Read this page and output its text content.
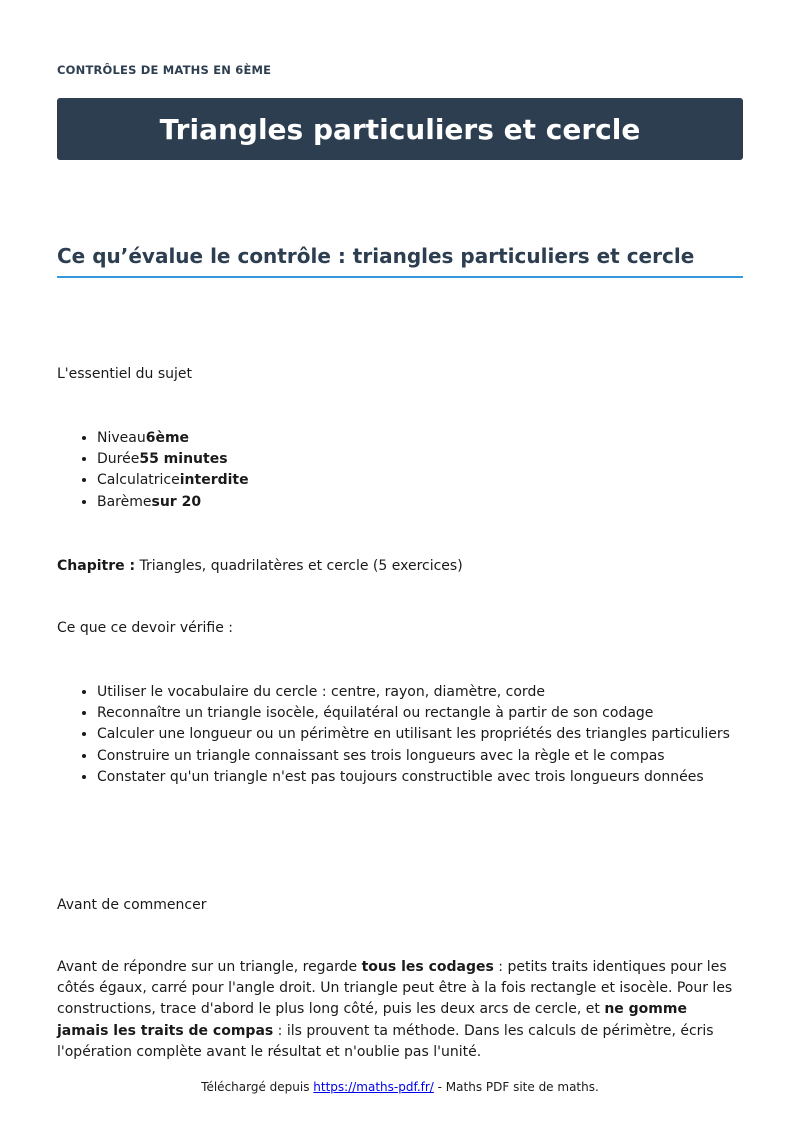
CONTRÔLES DE MATHS EN 6ÈME
Triangles particuliers et cercle
Ce qu’évalue le contrôle : triangles particuliers et cercle

L'essentiel du sujet

• Niveau6ème
• Durée55 minutes
• Calculatriceinterdite
• Barèmesur 20

Chapitre : Triangles, quadrilatères et cercle (5 exercices)

Ce que ce devoir vérifie :

• Utiliser le vocabulaire du cercle : centre, rayon, diamètre, corde
• Reconnaître un triangle isocèle, équilatéral ou rectangle à partir de son codage
• Calculer une longueur ou un périmètre en utilisant les propriétés des triangles particuliers
• Construire un triangle connaissant ses trois longueurs avec la règle et le compas
• Constater qu'un triangle n'est pas toujours constructible avec trois longueurs données

Avant de commencer

Avant de répondre sur un triangle, regarde tous les codages : petits traits identiques pour les côtés égaux, carré pour l'angle droit. Un triangle peut être à la fois rectangle et isocèle. Pour les constructions, trace d'abord le plus long côté, puis les deux arcs de cercle, et ne gomme jamais les traits de compas : ils prouvent ta méthode. Dans les calculs de périmètre, écris l'opération complète avant le résultat et n'oublie pas l'unité.

Téléchargé depuis https://maths-pdf.fr/ - Maths PDF site de maths.
